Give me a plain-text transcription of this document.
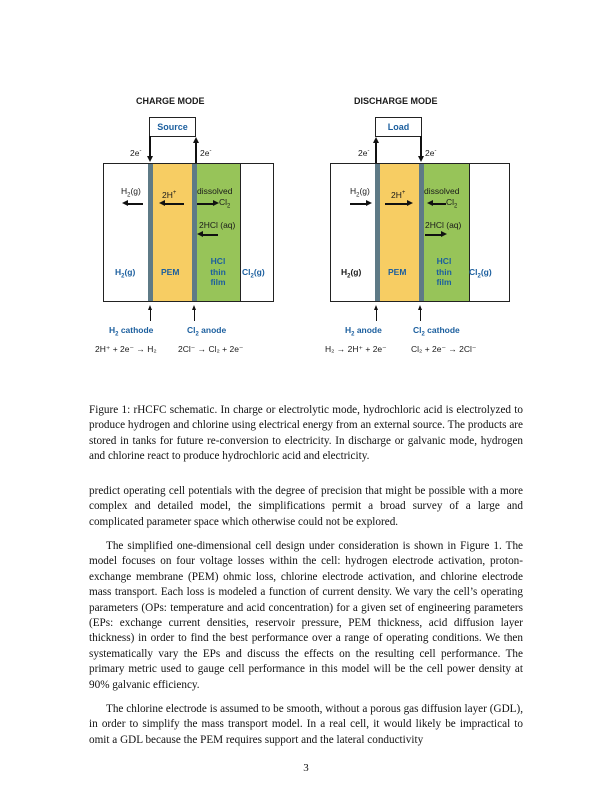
CHARGE MODE
Source
2e-	2e-
$H_2(g)$ 2H+ dissolved
$Cl_2$
2HCl (aq)
$H_2(g)$	PEM
HCl
thin
film
$Cl_2(g)$
$H_2$ cathode	$Cl_2$ anode
2H⁺ + 2e⁻ → H₂	2Cl⁻ → Cl₂ + 2e⁻
DISCHARGE MODE
Load
2e-	2e-
$H_2(g)$ 2H+ dissolved
$Cl_2$
2HCl (aq)
$H_2(g)$	PEM
HCl
thin
film
$Cl_2(g)$
$H_2$ anode	$Cl_2$ cathode
H₂ → 2H⁺ + 2e⁻	Cl₂ + 2e⁻ → 2Cl⁻

Figure 1: rHCFC schematic. In charge or electrolytic mode, hydrochloric acid is electrolyzed to produce hydrogen and chlorine using electrical energy from an external source. The products are stored in tanks for future re-conversion to electricity. In discharge or galvanic mode, hydrogen and chlorine react to produce hydrochloric acid and electricity.

predict operating cell potentials with the degree of precision that might be possible with a more complex and detailed model, the simplifications permit a broad survey of a large and complicated parameter space which otherwise could not be explored.

The simplified one-dimensional cell design under consideration is shown in Figure 1. The model focuses on four voltage losses within the cell: hydrogen electrode activation, proton-exchange membrane (PEM) ohmic loss, chlorine electrode activation, and chlorine electrode mass transport. Each loss is modeled a function of current density. We vary the cell’s operating parameters (OPs: temperature and acid concentration) for a given set of engineering parameters (EPs: exchange current densities, reservoir pressure, PEM thickness, acid diffusion layer thickness) in order to find the best performance over a range of operating conditions. We then systematically vary the EPs and discuss the effects on the resulting cell performance. The primary metric used to gauge cell performance in this model will be the cell power density at 90% galvanic efficiency.

The chlorine electrode is assumed to be smooth, without a porous gas diffusion layer (GDL), in order to simplify the mass transport model. In a real cell, it would likely be impractical to omit a GDL because the PEM requires support and the lateral conductivity

3
